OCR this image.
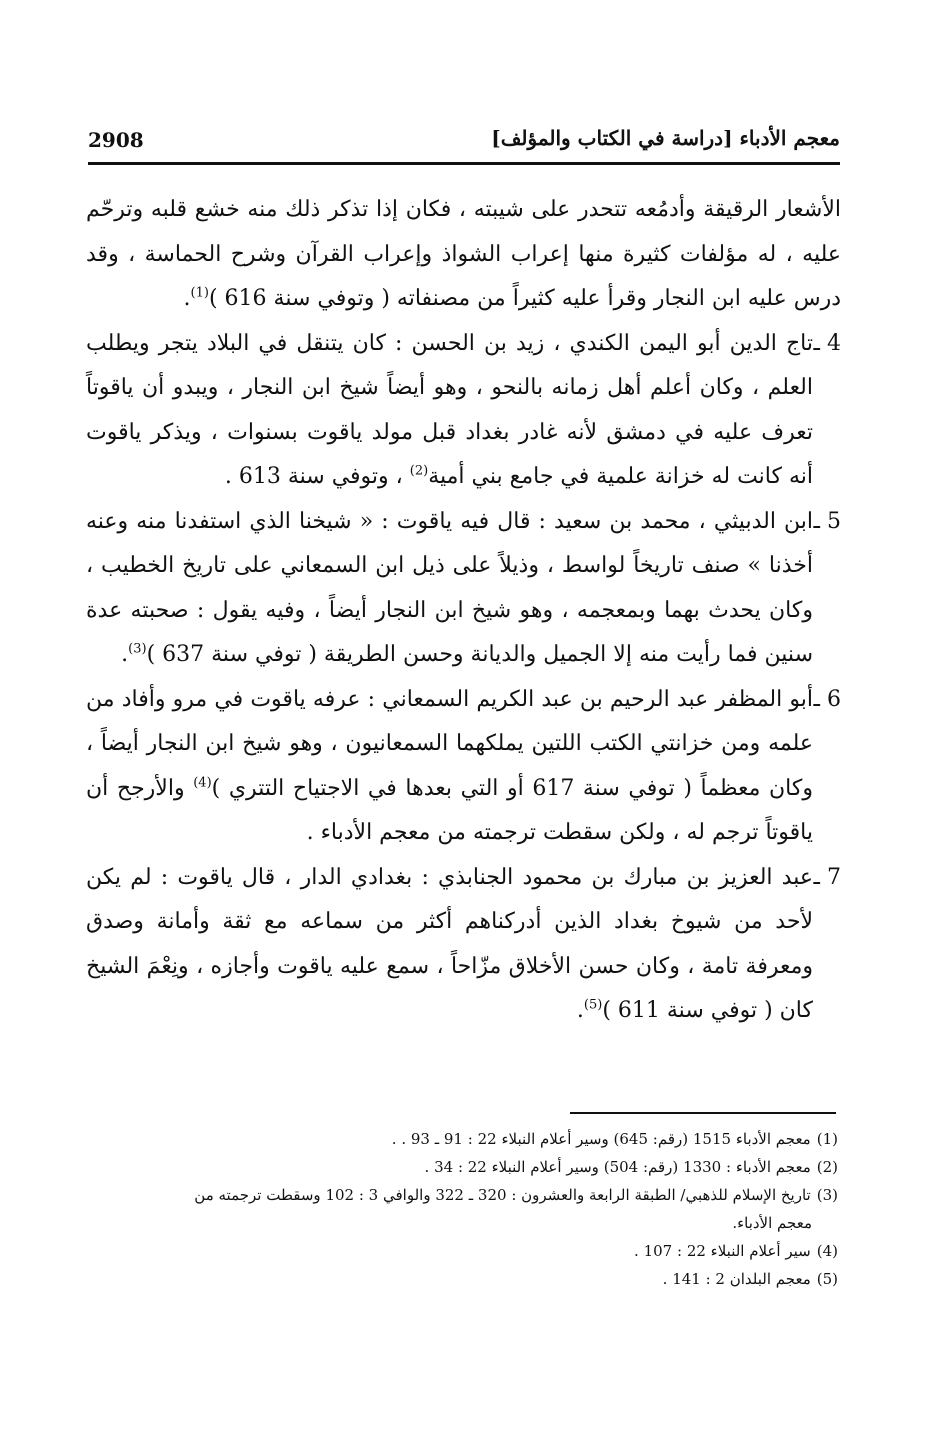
2908	معجم الأدباء [دراسة في الكتاب والمؤلف]

الأشعار الرقيقة وأدمُعه تتحدر على شيبته ، فكان إذا تذكر ذلك منه خشع قلبه وترحّم عليه ، له مؤلفات كثيرة منها إعراب الشواذ وإعراب القرآن وشرح الحماسة ، وقد درس عليه ابن النجار وقرأ عليه كثيراً من مصنفاته ( وتوفي سنة 616 )$^{(1)}$.

4 ـ
تاج الدين أبو اليمن الكندي ، زيد بن الحسن : كان يتنقل في البلاد يتجر ويطلب العلم ، وكان أعلم أهل زمانه بالنحو ، وهو أيضاً شيخ ابن النجار ، ويبدو أن ياقوتاً تعرف عليه في دمشق لأنه غادر بغداد قبل مولد ياقوت بسنوات ، ويذكر ياقوت أنه كانت له خزانة علمية في جامع بني أمية$^{(2)}$ ، وتوفي سنة 613 .

5 ـ
ابن الدبيثي ، محمد بن سعيد : قال فيه ياقوت : « شيخنا الذي استفدنا منه وعنه أخذنا » صنف تاريخاً لواسط ، وذيلاً على ذيل ابن السمعاني على تاريخ الخطيب ، وكان يحدث بهما وبمعجمه ، وهو شيخ ابن النجار أيضاً ، وفيه يقول : صحبته عدة سنين فما رأيت منه إلا الجميل والديانة وحسن الطريقة ( توفي سنة 637 )$^{(3)}$.

6 ـ
أبو المظفر عبد الرحيم بن عبد الكريم السمعاني : عرفه ياقوت في مرو وأفاد من علمه ومن خزانتي الكتب اللتين يملكهما السمعانيون ، وهو شيخ ابن النجار أيضاً ، وكان معظماً ( توفي سنة 617 أو التي بعدها في الاجتياح التتري )$^{(4)}$ والأرجح أن ياقوتاً ترجم له ، ولكن سقطت ترجمته من معجم الأدباء .

7 ـ
عبد العزيز بن مبارك بن محمود الجنابذي : بغدادي الدار ، قال ياقوت : لم يكن لأحد من شيوخ بغداد الذين أدركناهم أكثر من سماعه مع ثقة وأمانة وصدق ومعرفة تامة ، وكان حسن الأخلاق مزّاحاً ، سمع عليه ياقوت وأجازه ، ونِعْمَ الشيخ كان ( توفي سنة 611 )$^{(5)}$.

(1)معجم الأدباء 1515 (رقم: 645) وسير أعلام النبلاء 22 : 91 ـ 93 . .

(2)معجم الأدباء : 1330 (رقم: 504) وسير أعلام النبلاء 22 : 34 .

(3)تاريخ الإسلام للذهبي/ الطبقة الرابعة والعشرون : 320 ـ 322 والوافي 3 : 102 وسقطت ترجمته من

معجم الأدباء.

(4)سير أعلام النبلاء 22 : 107 .

(5)معجم البلدان 2 : 141 .
